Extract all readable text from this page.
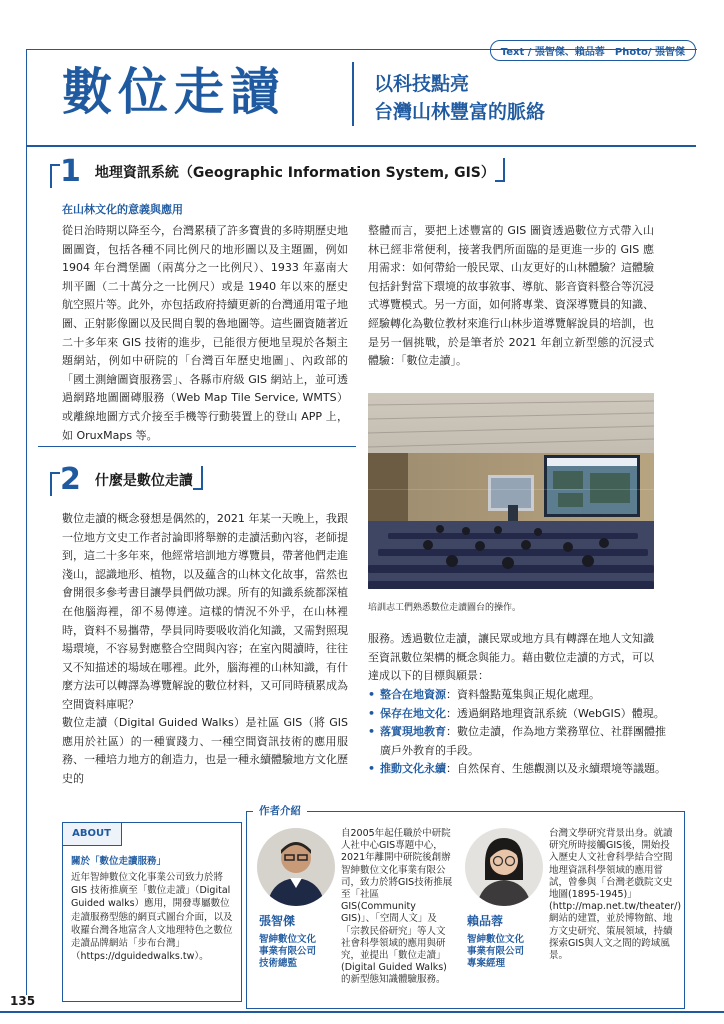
Text / 張智傑、賴品蓉　Photo/ 張智傑
數位走讀	以科技點亮
台灣山林豐富的脈絡
1 地理資訊系統（Geographic Information System, GIS）
在山林文化的意義與應用

從日治時期以降至今，台灣累積了許多寶貴的多時期歷史地圖圖資，包括各種不同比例尺的地形圖以及主題圖，例如 1904 年台灣堡圖（兩萬分之一比例尺）、1933 年嘉南大圳平圖（二十萬分之一比例尺）或是 1940 年以來的歷史航空照片等。此外，亦包括政府持續更新的台灣通用電子地圖、正射影像圖以及民間自製的魯地圖等。這些圖資隨著近二十多年來 GIS 技術的進步，已能很方便地呈現於各類主題網站，例如中研院的「台灣百年歷史地圖」、內政部的「國土測繪圖資服務雲」、各縣市府級 GIS 網站上，並可透過網路地圖圖磚服務（Web Map Tile Service, WMTS）或離線地圖方式介接至手機等行動裝置上的登山 APP 上，如 OruxMaps 等。

整體而言，要把上述豐富的 GIS 圖資透過數位方式帶入山林已經非常便利，接著我們所面臨的是更進一步的 GIS 應用需求：如何帶給一般民眾、山友更好的山林體驗？這體驗包括針對當下環境的故事敘事、導航、影音資料整合等沉浸式導覽模式。另一方面，如何將專業、資深導覽員的知識、經驗轉化為數位教材來進行山林步道導覽解說員的培訓，也是另一個挑戰，於是筆者於 2021 年創立新型態的沉浸式體驗：「數位走讀」。

培訓志工們熟悉數位走讀圖台的操作。
2 什麼是數位走讀

數位走讀的概念發想是偶然的，2021 年某一天晚上，我跟一位地方文史工作者討論即將舉辦的走讀活動內容，老師提到，這二十多年來，他經常培訓地方導覽員，帶著他們走進淺山，認識地形、植物，以及蘊含的山林文化故事，當然也會開很多參考書目讓學員們做功課。所有的知識系統都深植在他腦海裡，卻不易傳達。這樣的情況不外乎，在山林裡時，資料不易攜帶，學員同時要吸收消化知識，又需對照現場環境，不容易對應整合空間與內容；在室內閱讀時，往往又不知描述的場域在哪裡。此外，腦海裡的山林知識，有什麼方法可以轉譯為導覽解說的數位材料，又可同時積累成為空間資料庫呢？

數位走讀（Digital Guided Walks）是社區 GIS（將 GIS 應用於社區）的一種實踐力、一種空間資訊技術的應用服務、一種培力地方的創造力，也是一種永續體驗地方文化歷史的

服務。透過數位走讀，讓民眾或地方具有轉譯在地人文知識至資訊數位架構的概念與能力。藉由數位走讀的方式，可以達成以下的目標與願景：

• 整合在地資源：資料盤點蒐集與正規化處理。
• 保存在地文化：透過網路地理資訊系統（WebGIS）體現。
• 落實現地教育：數位走讀，作為地方業務單位、社群團體推廣戶外教育的手段。
• 推動文化永續：自然保育、生態觀測以及永續環境等議題。
ABOUT
關於「數位走讀服務」

近年智紳數位文化事業公司致力於將 GIS 技術推廣至「數位走讀」（Digital Guided walks）應用，開發專屬數位走讀服務型態的網頁式圖台介面，以及收羅台灣各地富含人文地理特色之數位走讀品牌網站「步布台灣」（https://dguidedwalks.tw）。

作者介紹
張智傑
智紳數位文化
事業有限公司
技術總監

自2005年起任職於中研院人社中心GIS專題中心，2021年離開中研院後創辦智紳數位文化事業有限公司，致力於將GIS技術推展至「社區GIS(Community GIS)」、「空間人文」及「宗教民俗研究」等人文社會科學領域的應用與研究，並提出「數位走讀」(Digital Guided Walks)的新型態知識體驗服務。

賴品蓉
智紳數位文化
事業有限公司
專案經理

台灣文學研究背景出身。就讀研究所時接觸GIS後，開始投入歷史人文社會科學結合空間地理資訊科學領域的應用嘗試，曾參與「台灣老戲院文史地圖(1895-1945)」(http://map.net.tw/theater/)網站的建置，並於博物館、地方文史研究、策展領域，持續探索GIS與人文之間的跨域風景。

135
